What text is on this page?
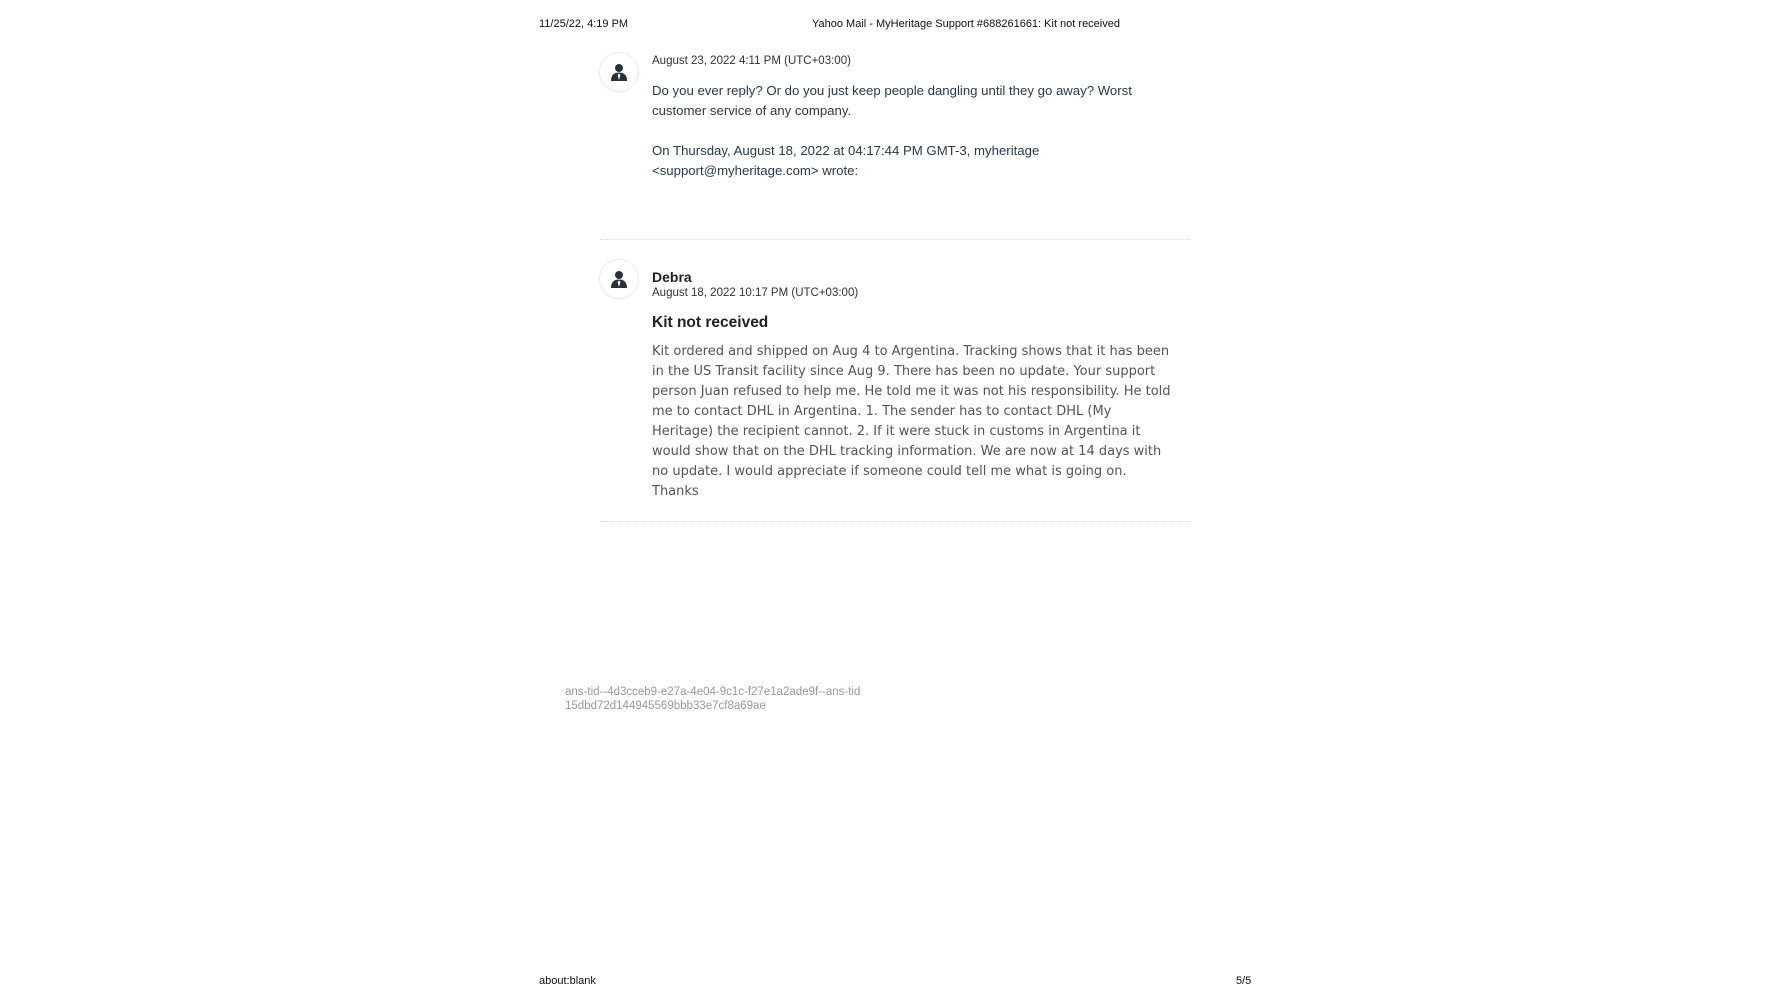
11/25/22, 4:19 PM	Yahoo Mail - MyHeritage Support #688261661: Kit not received
August 23, 2022 4:11 PM (UTC+03:00)
Do you ever reply? Or do you just keep people dangling until they go away? Worst customer service of any company.
On Thursday, August 18, 2022 at 04:17:44 PM GMT-3, myheritage <support@myheritage.com> wrote:
Debra
August 18, 2022 10:17 PM (UTC+03:00)
Kit not received
Kit ordered and shipped on Aug 4 to Argentina. Tracking shows that it has been in the US Transit facility since Aug 9. There has been no update. Your support person Juan refused to help me. He told me it was not his responsibility. He told me to contact DHL in Argentina. 1. The sender has to contact DHL (My Heritage) the recipient cannot. 2. If it were stuck in customs in Argentina it would show that on the DHL tracking information. We are now at 14 days with no update. I would appreciate if someone could tell me what is going on. Thanks
ans-tid--4d3cceb9-e27a-4e04-9c1c-f27e1a2ade9f--ans-tid 15dbd72d144945569bbb33e7cf8a69ae
about:blank	5/5
